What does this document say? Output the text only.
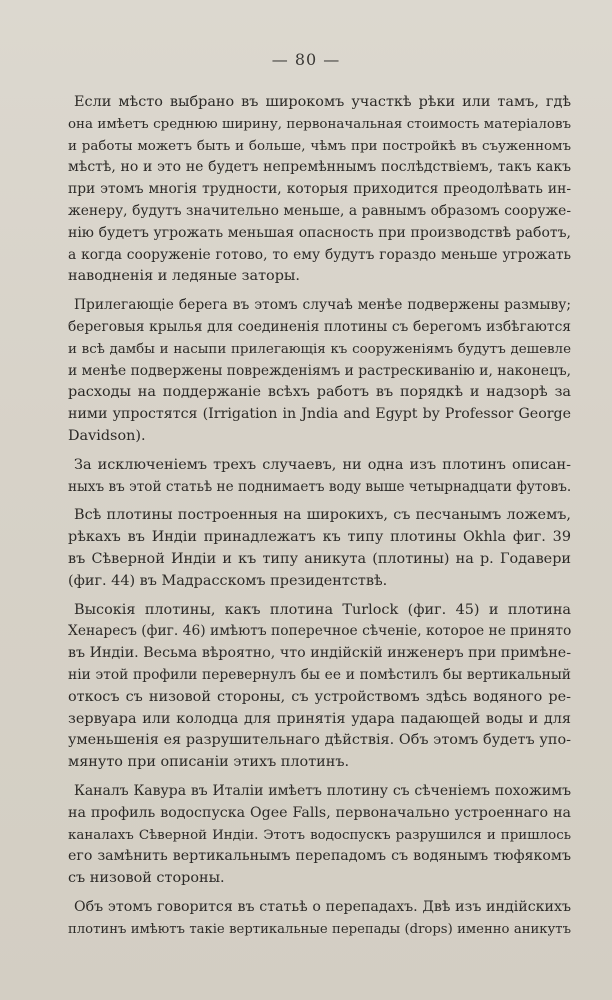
— 80 —

Если мѣсто выбрано въ широкомъ участкѣ рѣки или тамъ, гдѣ
она имѣетъ среднюю ширину, первоначальная стоимость матеріаловъ
и работы можетъ быть и больше, чѣмъ при постройкѣ въ съуженномъ
мѣстѣ, но и это не будетъ непремѣннымъ послѣдствіемъ, такъ какъ
при этомъ многія трудности, которыя приходится преодолѣвать ин-
женеру, будутъ значительно меньше, а равнымъ образомъ сооруже-
нію будетъ угрожать меньшая опасность при производствѣ работъ,
а когда сооруженіе готово, то ему будутъ гораздо меньше угрожать
наводненія и ледяные заторы.

Прилегающіе берега въ этомъ случаѣ менѣе подвержены размыву;
береговыя крылья для соединенія плотины съ берегомъ избѣгаются
и всѣ дамбы и насыпи прилегающія къ сооруженіямъ будутъ дешевле
и менѣе подвержены поврежденіямъ и растрескиванію и, наконецъ,
расходы на поддержаніе всѣхъ работъ въ порядкѣ и надзорѣ за
ними упростятся (Irrigation in Jndia and Egypt by Professor George
Davidson).

За исключеніемъ трехъ случаевъ, ни одна изъ плотинъ описан-
ныхъ въ этой статьѣ не поднимаетъ воду выше четырнадцати футовъ.

Всѣ плотины построенныя на широкихъ, съ песчанымъ ложемъ,
рѣкахъ въ Индіи принадлежатъ къ типу плотины Okhla фиг. 39
въ Сѣверной Индіи и къ типу аникута (плотины) на р. Годавери
(фиг. 44) въ Мадрасскомъ президентствѣ.

Высокія плотины, какъ плотина Turlock (фиг. 45) и плотина
Хенаресъ (фиг. 46) имѣютъ поперечное сѣченіе, которое не принято
въ Индіи. Весьма вѣроятно, что индійскій инженеръ при примѣне-
ніи этой профили перевернулъ бы ее и помѣстилъ бы вертикальный
откосъ съ низовой стороны, съ устройствомъ здѣсь водяного ре-
зервуара или колодца для принятія удара падающей воды и для
уменьшенія ея разрушительнаго дѣйствія. Объ этомъ будетъ упо-
мянуто при описаніи этихъ плотинъ.

Каналъ Кавура въ Италіи имѣетъ плотину съ сѣченіемъ похожимъ
на профиль водоспуска Ogee Falls, первоначально устроеннаго на
каналахъ Сѣверной Индіи. Этотъ водоспускъ разрушился и пришлось
его замѣнить вертикальнымъ перепадомъ съ водянымъ тюфякомъ
съ низовой стороны.

Объ этомъ говорится въ статьѣ о перепадахъ. Двѣ изъ индійскихъ
плотинъ имѣютъ такіе вертикальные перепады (drops) именно аникутъ
